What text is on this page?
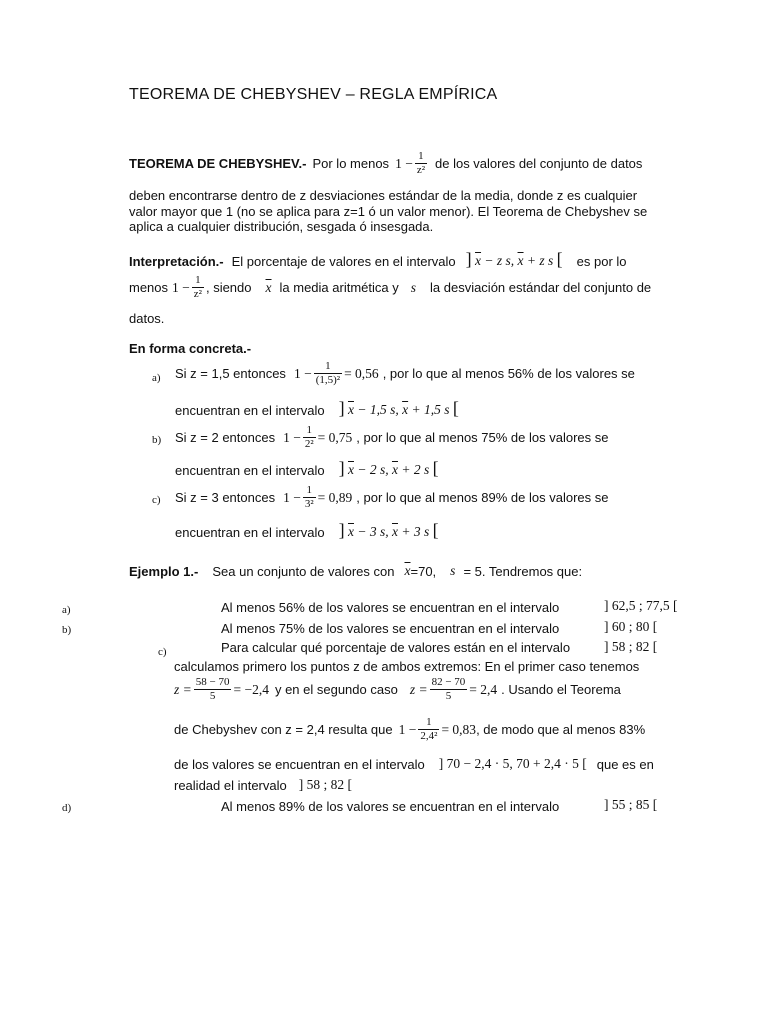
TEOREMA DE CHEBYSHEV – REGLA EMPÍRICA
TEOREMA DE CHEBYSHEV.- Por lo menos $1 - \frac{1}{\text{z²}}$ de los valores del conjunto de datos
deben encontrarse dentro de z desviaciones estándar de la media, donde z es cualquier
valor mayor que 1 (no se aplica para z=1 ó un valor menor). El Teorema de Chebyshev se
aplica a cualquier distribución, sesgada ó insesgada.
Interpretación.- El porcentaje de valores en el intervalo ] $\overline{x} - z$ s, $\overline{x} + z$ s [ es por lo
menos $1 - \frac{1}{\text{z²}}$ , siendo $\overline{x}$ la media aritmética y s la desviación estándar del conjunto de
datos.
En forma concreta.-
a) Si z = 1,5 entonces $1 - \frac{1}{\text{(1,5)²}} = 0,56$ , por lo que al menos 56% de los valores se
encuentran en el intervalo ] $\overline{x} - 1,5$ s, $\overline{x} + 1,5$ s [
b) Si z = 2 entonces $1 - \frac{1}{\text{2²}} = 0,75$ , por lo que al menos 75% de los valores se
encuentran en el intervalo ] $\overline{x} - 2$ s, $\overline{x} + 2$ s [
c) Si z = 3 entonces $1 - \frac{1}{\text{3²}} = 0,89$ , por lo que al menos 89% de los valores se
encuentran en el intervalo ] $\overline{x} - 3$ s, $\overline{x} + 3$ s [
Ejemplo 1.- Sea un conjunto de valores con $\overline{x} =70$, s = 5. Tendremos que:
a)	Al menos 56% de los valores se encuentran en el intervalo	] 62,5 ; 77,5 [
b)	Al menos 75% de los valores se encuentran en el intervalo	] 60 ; 80 [
c)	Para calcular qué porcentaje de valores están en el intervalo	] 58 ; 82 [
calculamos primero los puntos z de ambos extremos: En el primer caso tenemos
$z = \frac{58 - 70}{5} = -2,4$ y en el segundo caso $z = \frac{82 - 70}{5} = 2,4$ . Usando el Teorema
de Chebyshev con z = 2,4 resulta que $1 - \frac{1}{\text{2,4²}} = 0,83$ , de modo que al menos 83%
de los valores se encuentran en el intervalo ] 70 − 2,4 · 5, 70 + 2,4 · 5 [ que es en
realidad el intervalo ] 58 ; 82 [
d)	Al menos 89% de los valores se encuentran en el intervalo	] 55 ; 85 [
